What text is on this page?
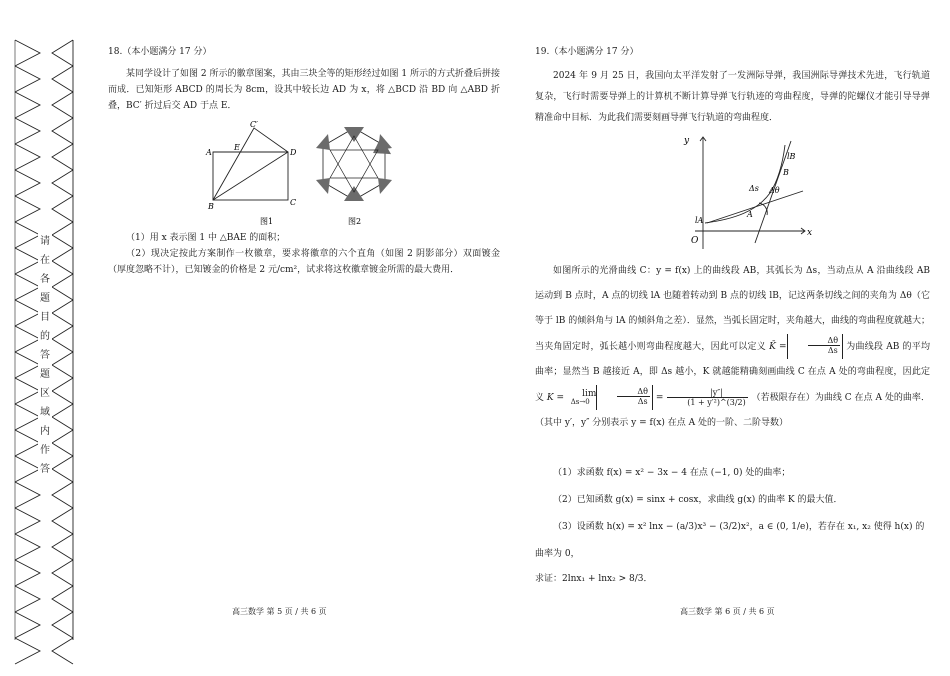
请在各题目的答题区域内作答
18.（本小题满分 17 分）

某同学设计了如图 2 所示的徽章图案，其由三块全等的矩形经过如图 1 所示的方式折叠后拼接而成．已知矩形 ABCD 的周长为 8cm，设其中较长边 AD 为 x，将 △BCD 沿 BD 向 △ABD 折叠，BC′ 折过后交 AD 于点 E．

A
E
C′
D
B	C
图1	图2
（1）用 x 表示图 1 中 △BAE 的面积；

（2）现决定按此方案制作一枚徽章，要求将徽章的六个直角（如图 2 阴影部分）双面镀金（厚度忽略不计），已知镀金的价格是 2 元/cm²，试求将这枚徽章镀金所需的最大费用．

19.（本小题满分 17 分）

2024 年 9 月 25 日，我国向太平洋发射了一发洲际导弹，我国洲际导弹技术先进，飞行轨道复杂，飞行时需要导弹上的计算机不断计算导弹飞行轨迹的弯曲程度，导弹的陀螺仪才能引导导弹精准命中目标．为此我们需要刻画导弹飞行轨道的弯曲程度．

y
x
O
lA
lB
A
B
Δs Δθ

如图所示的光滑曲线 C：y = f(x) 上的曲线段 AB，其弧长为 Δs，当动点从 A 沿曲线段 AB 运动到 B 点时，A 点的切线 lA 也随着转动到 B 点的切线 lB，记这两条切线之间的夹角为 Δθ（它等于 lB 的倾斜角与 lA 的倾斜角之差）．显然，当弧长固定时，夹角越大，曲线的弯曲程度就越大；当夹角固定时，弧长越小则弯曲程度越大，因此可以定义 K̄ =	$\frac{\Delta\theta}{\Delta s}$ 为曲线段 AB 的平均曲率；显然当 B 越接近 A，即 Δs 越小，K 就越能精确刻画曲线 C 在点 A 处的弯曲程度，因此定义 K =	lim
Δs→0	$\frac{\Delta\theta}{\Delta s} = \frac{|y''|}{\text{(1 + y′²)\textasciicircum{}(3/2)}}$ （若极限存在）为曲线 C 在点 A 处的曲率．（其中 y′，y″ 分别表示 y = f(x) 在点 A 处的一阶、二阶导数）

（1）求函数 f(x) = x² − 3x − 4 在点 (−1, 0) 处的曲率；
（2）已知函数 g(x) = sinx + cosx，求曲线 g(x) 的曲率 K 的最大值．
（3）设函数 h(x) = x² lnx − (a/3)x³ − (3/2)x²，a ∈ (0, 1/e)，若存在 x₁, x₂ 使得 h(x) 的曲率为 0，
求证：2lnx₁ + lnx₂ > 8/3．
高三数学 第 5 页 / 共 6 页	高三数学 第 6 页 / 共 6 页
